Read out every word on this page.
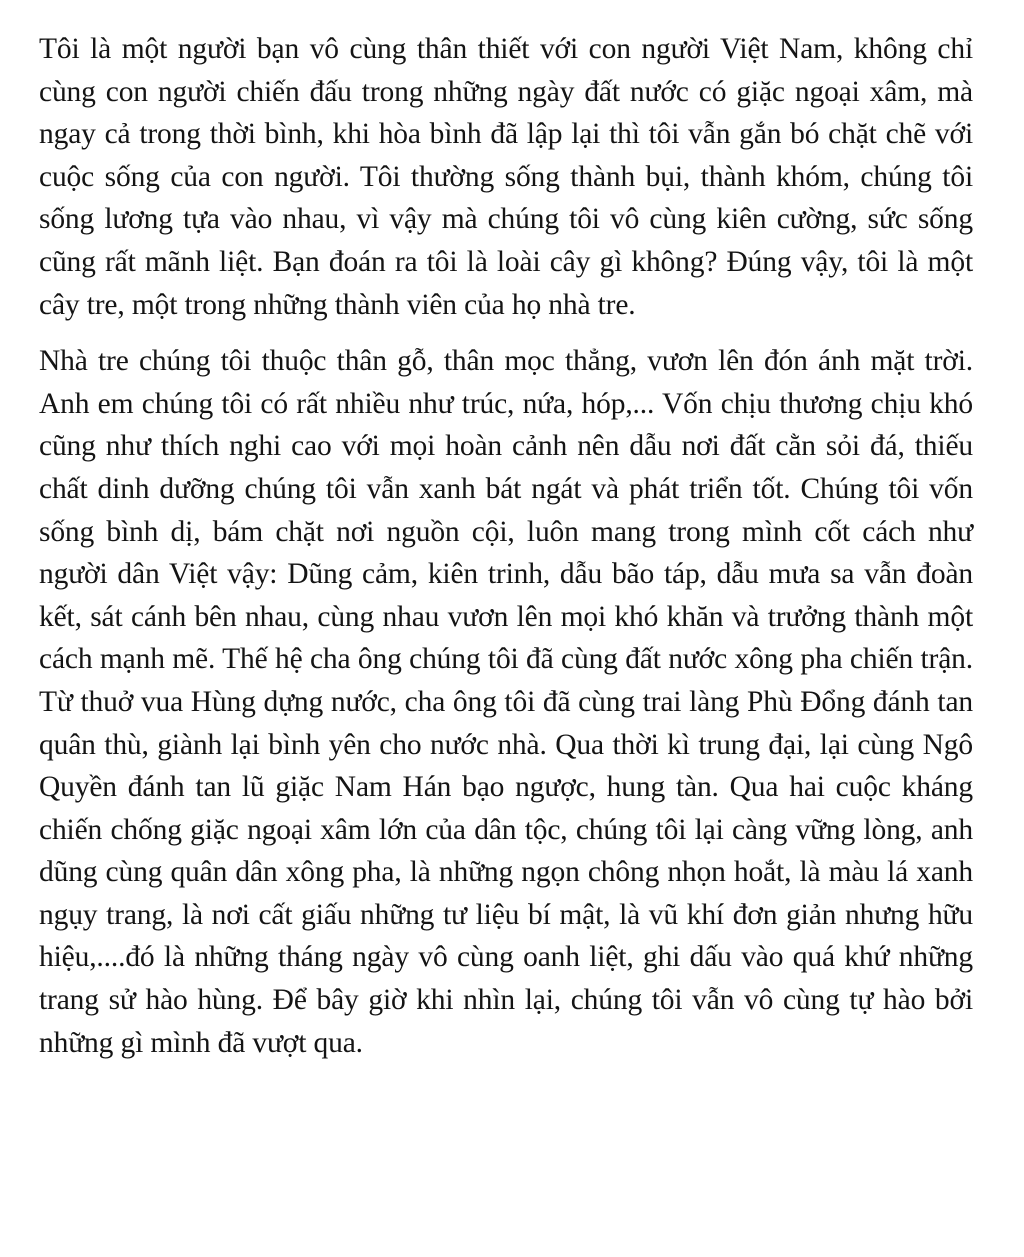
Tôi là một người bạn vô cùng thân thiết với con người Việt Nam, không chỉ cùng con người chiến đấu trong những ngày đất nước có giặc ngoại xâm, mà ngay cả trong thời bình, khi hòa bình đã lập lại thì tôi vẫn gắn bó chặt chẽ với cuộc sống của con người. Tôi thường sống thành bụi, thành khóm, chúng tôi sống lương tựa vào nhau, vì vậy mà chúng tôi vô cùng kiên cường, sức sống cũng rất mãnh liệt. Bạn đoán ra tôi là loài cây gì không? Đúng vậy, tôi là một cây tre, một trong những thành viên của họ nhà tre.

Nhà tre chúng tôi thuộc thân gỗ, thân mọc thẳng, vươn lên đón ánh mặt trời. Anh em chúng tôi có rất nhiều như trúc, nứa, hóp,... Vốn chịu thương chịu khó cũng như thích nghi cao với mọi hoàn cảnh nên dẫu nơi đất cằn sỏi đá, thiếu chất dinh dưỡng chúng tôi vẫn xanh bát ngát và phát triển tốt. Chúng tôi vốn sống bình dị, bám chặt nơi nguồn cội, luôn mang trong mình cốt cách như người dân Việt vậy: Dũng cảm, kiên trinh, dẫu bão táp, dẫu mưa sa vẫn đoàn kết, sát cánh bên nhau, cùng nhau vươn lên mọi khó khăn và trưởng thành một cách mạnh mẽ. Thế hệ cha ông chúng tôi đã cùng đất nước xông pha chiến trận. Từ thuở vua Hùng dựng nước, cha ông tôi đã cùng trai làng Phù Đổng đánh tan quân thù, giành lại bình yên cho nước nhà. Qua thời kì trung đại, lại cùng Ngô Quyền đánh tan lũ giặc Nam Hán bạo ngược, hung tàn. Qua hai cuộc kháng chiến chống giặc ngoại xâm lớn của dân tộc, chúng tôi lại càng vững lòng, anh dũng cùng quân dân xông pha, là những ngọn chông nhọn hoắt, là màu lá xanh ngụy trang, là nơi cất giấu những tư liệu bí mật, là vũ khí đơn giản nhưng hữu hiệu,....đó là những tháng ngày vô cùng oanh liệt, ghi dấu vào quá khứ những trang sử hào hùng. Để bây giờ khi nhìn lại, chúng tôi vẫn vô cùng tự hào bởi những gì mình đã vượt qua.
